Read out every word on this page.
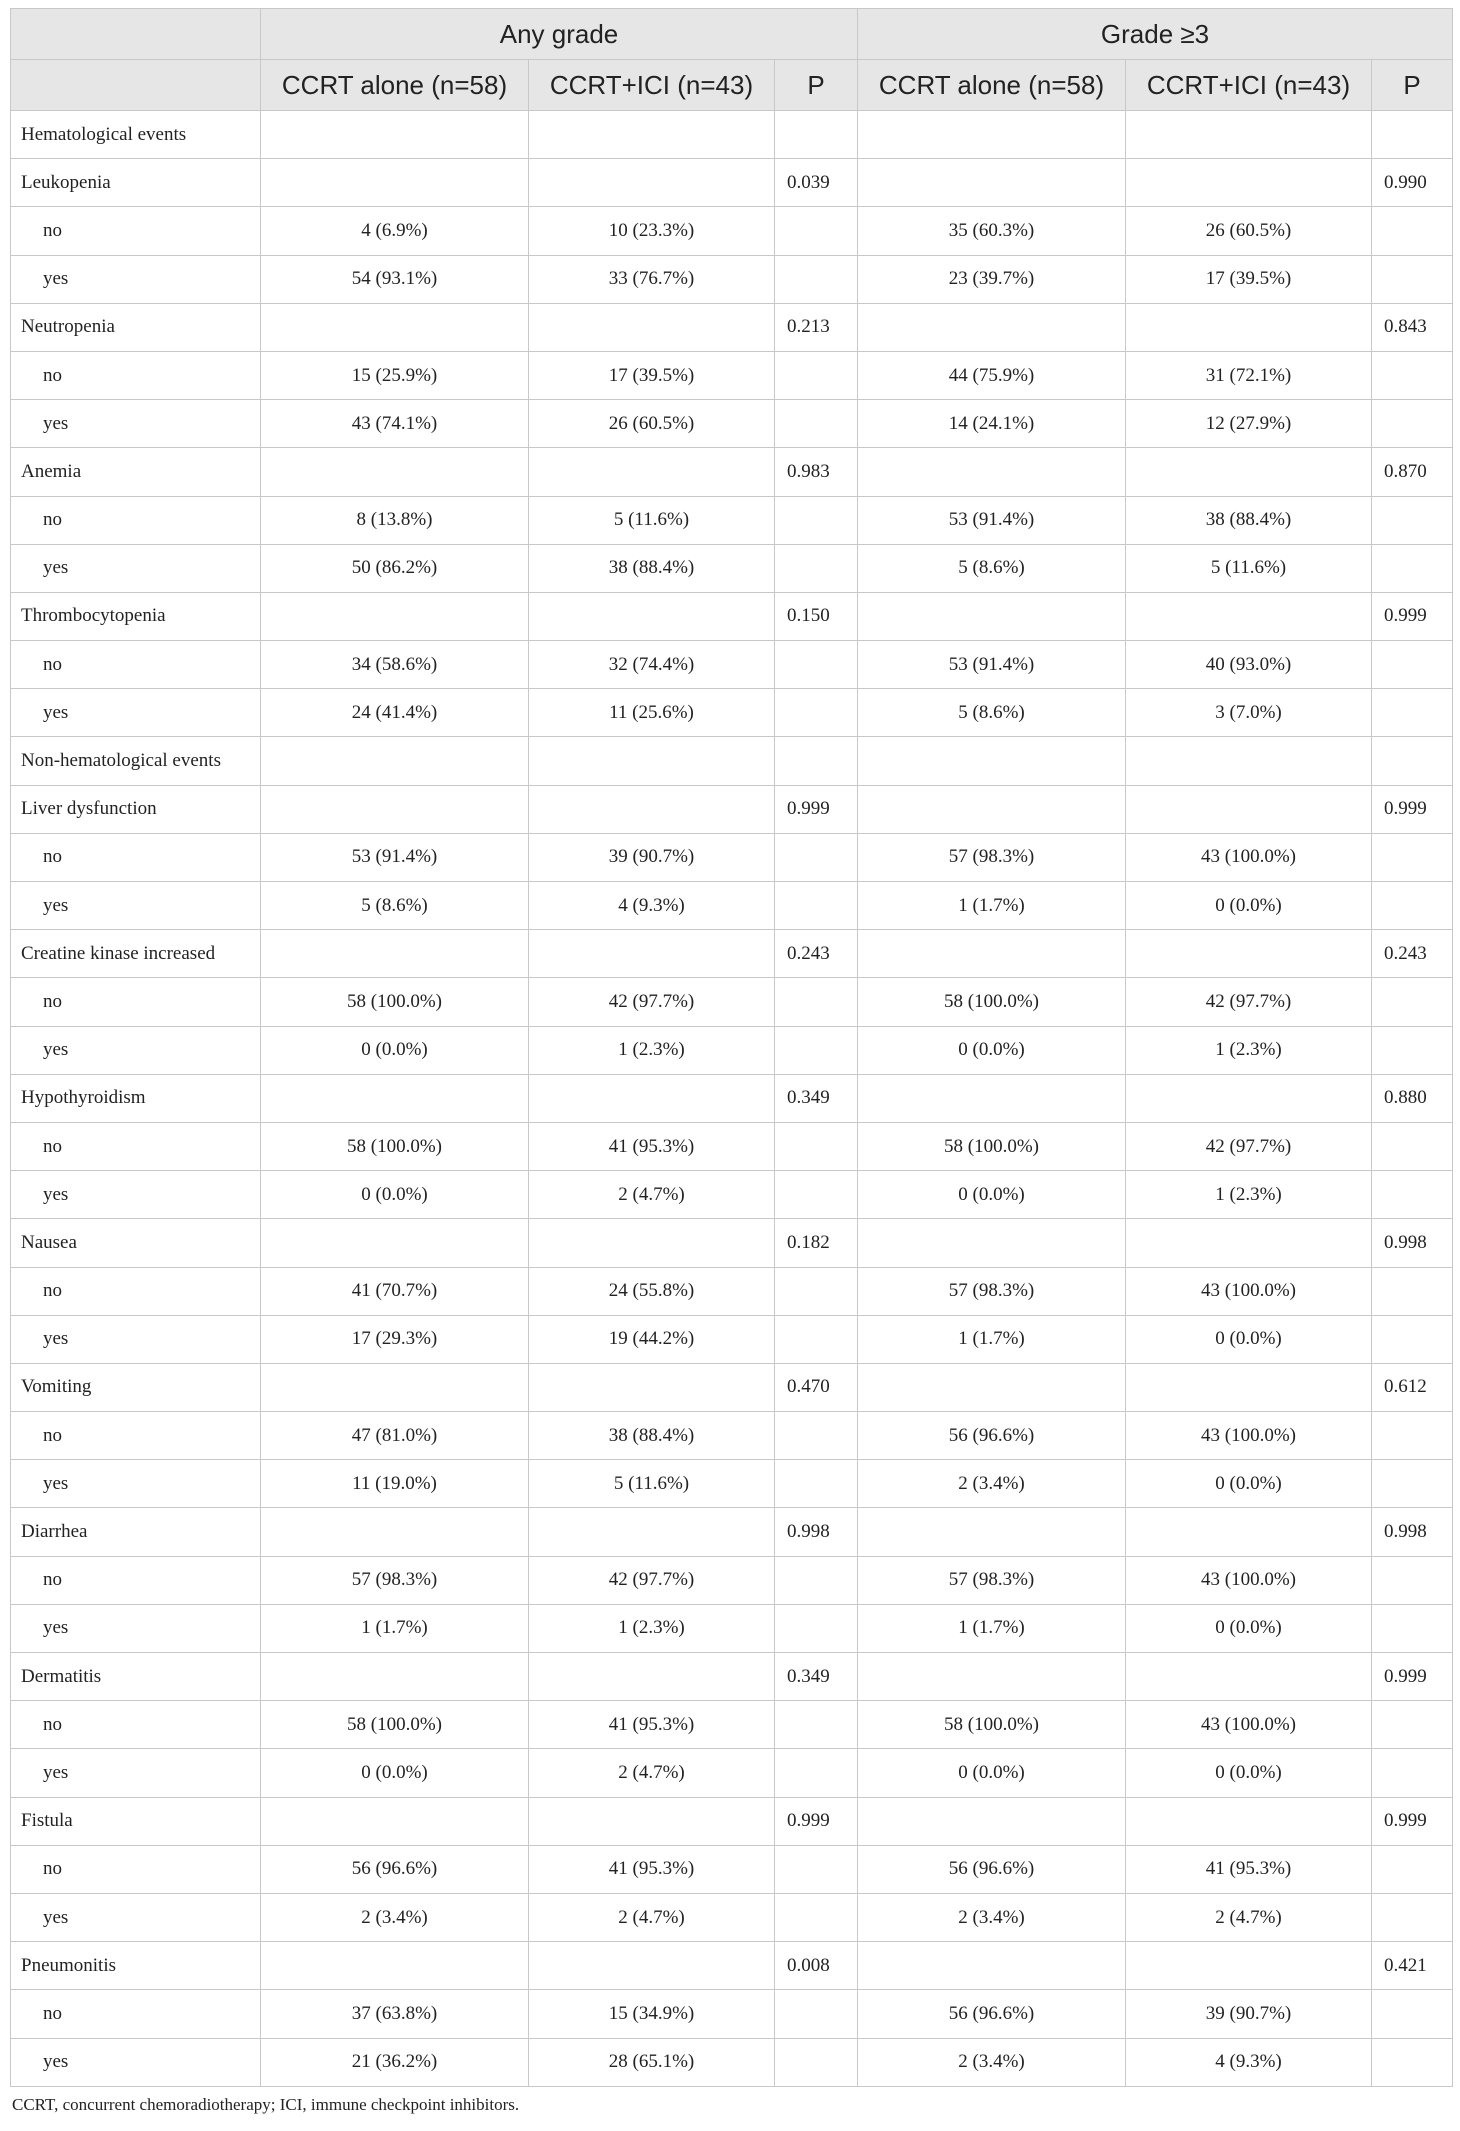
	Any grade			Grade ≥3		
	CCRT alone (n=58)	CCRT+ICI (n=43)	P	CCRT alone (n=58)	CCRT+ICI (n=43)	P
Hematological events						
Leukopenia			0.039			0.990
no	4 (6.9%)	10 (23.3%)		35 (60.3%)	26 (60.5%)	
yes	54 (93.1%)	33 (76.7%)		23 (39.7%)	17 (39.5%)	
Neutropenia			0.213			0.843
no	15 (25.9%)	17 (39.5%)		44 (75.9%)	31 (72.1%)	
yes	43 (74.1%)	26 (60.5%)		14 (24.1%)	12 (27.9%)	
Anemia			0.983			0.870
no	8 (13.8%)	5 (11.6%)		53 (91.4%)	38 (88.4%)	
yes	50 (86.2%)	38 (88.4%)		5 (8.6%)	5 (11.6%)	
Thrombocytopenia			0.150			0.999
no	34 (58.6%)	32 (74.4%)		53 (91.4%)	40 (93.0%)	
yes	24 (41.4%)	11 (25.6%)		5 (8.6%)	3 (7.0%)	
Non-hematological events						
Liver dysfunction			0.999			0.999
no	53 (91.4%)	39 (90.7%)		57 (98.3%)	43 (100.0%)	
yes	5 (8.6%)	4 (9.3%)		1 (1.7%)	0 (0.0%)	
Creatine kinase increased			0.243			0.243
no	58 (100.0%)	42 (97.7%)		58 (100.0%)	42 (97.7%)	
yes	0 (0.0%)	1 (2.3%)		0 (0.0%)	1 (2.3%)	
Hypothyroidism			0.349			0.880
no	58 (100.0%)	41 (95.3%)		58 (100.0%)	42 (97.7%)	
yes	0 (0.0%)	2 (4.7%)		0 (0.0%)	1 (2.3%)	
Nausea			0.182			0.998
no	41 (70.7%)	24 (55.8%)		57 (98.3%)	43 (100.0%)	
yes	17 (29.3%)	19 (44.2%)		1 (1.7%)	0 (0.0%)	
Vomiting			0.470			0.612
no	47 (81.0%)	38 (88.4%)		56 (96.6%)	43 (100.0%)	
yes	11 (19.0%)	5 (11.6%)		2 (3.4%)	0 (0.0%)	
Diarrhea			0.998			0.998
no	57 (98.3%)	42 (97.7%)		57 (98.3%)	43 (100.0%)	
yes	1 (1.7%)	1 (2.3%)		1 (1.7%)	0 (0.0%)	
Dermatitis			0.349			0.999
no	58 (100.0%)	41 (95.3%)		58 (100.0%)	43 (100.0%)	
yes	0 (0.0%)	2 (4.7%)		0 (0.0%)	0 (0.0%)	
Fistula			0.999			0.999
no	56 (96.6%)	41 (95.3%)		56 (96.6%)	41 (95.3%)	
yes	2 (3.4%)	2 (4.7%)		2 (3.4%)	2 (4.7%)	
Pneumonitis			0.008			0.421
no	37 (63.8%)	15 (34.9%)		56 (96.6%)	39 (90.7%)	
yes	21 (36.2%)	28 (65.1%)		2 (3.4%)	4 (9.3%)	
CCRT, concurrent chemoradiotherapy; ICI, immune checkpoint inhibitors.
